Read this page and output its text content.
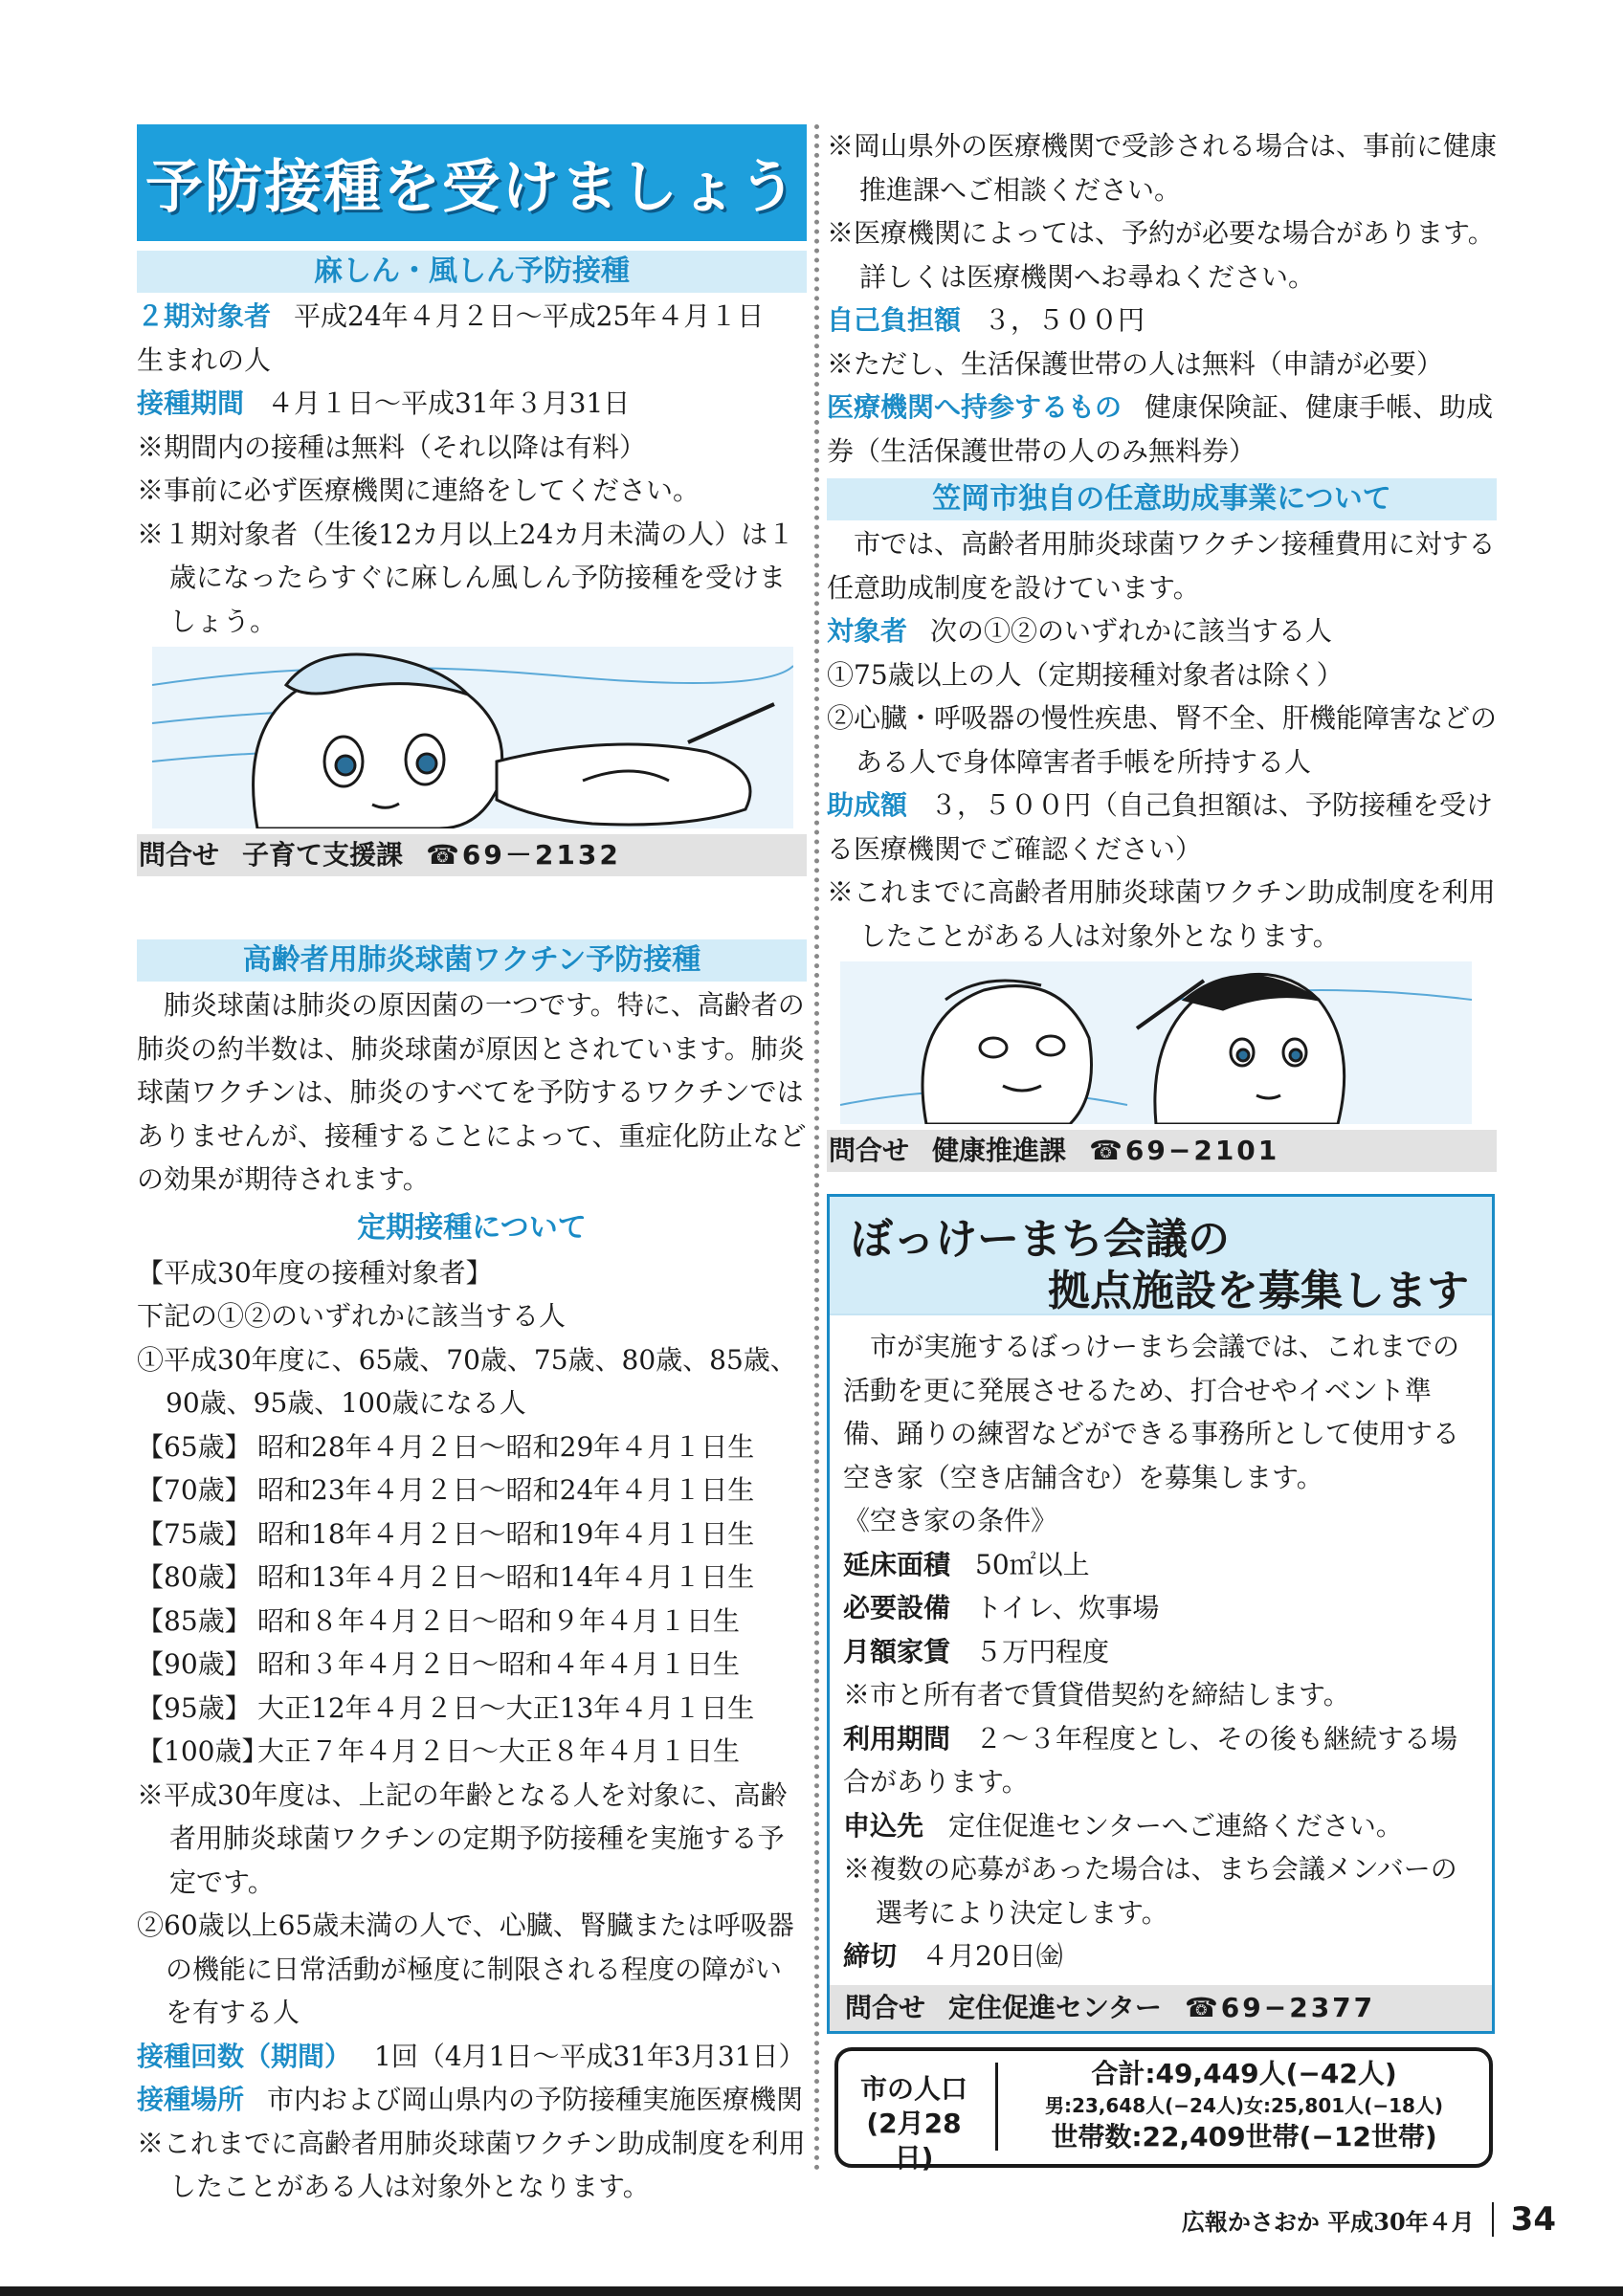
予防接種を受けましょう
麻しん・風しん予防接種

２期対象者 平成24年４月２日～平成25年４月１日

生まれの人

接種期間 ４月１日～平成31年３月31日

※期間内の接種は無料（それ以降は有料）

※事前に必ず医療機関に連絡をしてください。

※１期対象者（生後12カ月以上24カ月未満の人）は１歳になったらすぐに麻しん風しん予防接種を受けましょう。

問合せ 子育て支援課 ☎69－2132
高齢者用肺炎球菌ワクチン予防接種

肺炎球菌は肺炎の原因菌の一つです。特に、高齢者の肺炎の約半数は、肺炎球菌が原因とされています。肺炎球菌ワクチンは、肺炎のすべてを予防するワクチンではありませんが、接種することによって、重症化防止などの効果が期待されます。

定期接種について

【平成30年度の接種対象者】

下記の①②のいずれかに該当する人

①平成30年度に、65歳、70歳、75歳、80歳、85歳、90歳、95歳、100歳になる人

【65歳】 昭和28年４月２日～昭和29年４月１日生

【70歳】 昭和23年４月２日～昭和24年４月１日生

【75歳】 昭和18年４月２日～昭和19年４月１日生

【80歳】 昭和13年４月２日～昭和14年４月１日生

【85歳】 昭和８年４月２日～昭和９年４月１日生

【90歳】 昭和３年４月２日～昭和４年４月１日生

【95歳】 大正12年４月２日～大正13年４月１日生

【100歳】大正７年４月２日～大正８年４月１日生

※平成30年度は、上記の年齢となる人を対象に、高齢者用肺炎球菌ワクチンの定期予防接種を実施する予定です。

②60歳以上65歳未満の人で、心臓、腎臓または呼吸器の機能に日常活動が極度に制限される程度の障がいを有する人

接種回数（期間） 1回（4月1日～平成31年3月31日）

接種場所 市内および岡山県内の予防接種実施医療機関

※これまでに高齢者用肺炎球菌ワクチン助成制度を利用したことがある人は対象外となります。

※岡山県外の医療機関で受診される場合は、事前に健康推進課へご相談ください。

※医療機関によっては、予約が必要な場合があります。詳しくは医療機関へお尋ねください。

自己負担額 ３，５００円

※ただし、生活保護世帯の人は無料（申請が必要）

医療機関へ持参するもの 健康保険証、健康手帳、助成券（生活保護世帯の人のみ無料券）

笠岡市独自の任意助成事業について

市では、高齢者用肺炎球菌ワクチン接種費用に対する任意助成制度を設けています。

対象者 次の①②のいずれかに該当する人

①75歳以上の人（定期接種対象者は除く）

②心臓・呼吸器の慢性疾患、腎不全、肝機能障害などのある人で身体障害者手帳を所持する人

助成額 ３，５００円（自己負担額は、予防接種を受ける医療機関でご確認ください）

※これまでに高齢者用肺炎球菌ワクチン助成制度を利用したことがある人は対象外となります。

問合せ 健康推進課 ☎69−2101
ぼっけーまち会議の
拠点施設を募集します

市が実施するぼっけーまち会議では、これまでの活動を更に発展させるため、打合せやイベント準備、踊りの練習などができる事務所として使用する空き家（空き店舗含む）を募集します。

《空き家の条件》

延床面積 50㎡以上

必要設備 トイレ、炊事場

月額家賃 ５万円程度

※市と所有者で賃貸借契約を締結します。

利用期間 ２～３年程度とし、その後も継続する場合があります。

申込先 定住促進センターへご連絡ください。

※複数の応募があった場合は、まち会議メンバーの選考により決定します。

締切 ４月20日㈮

問合せ 定住促進センター ☎69−2377
市の人口
(2月28日)
合計:49,449人(−42人)
男:23,648人(−24人)女:25,801人(−18人)
世帯数:22,409世帯(−12世帯)
広報かさおか 平成30年４月 34
